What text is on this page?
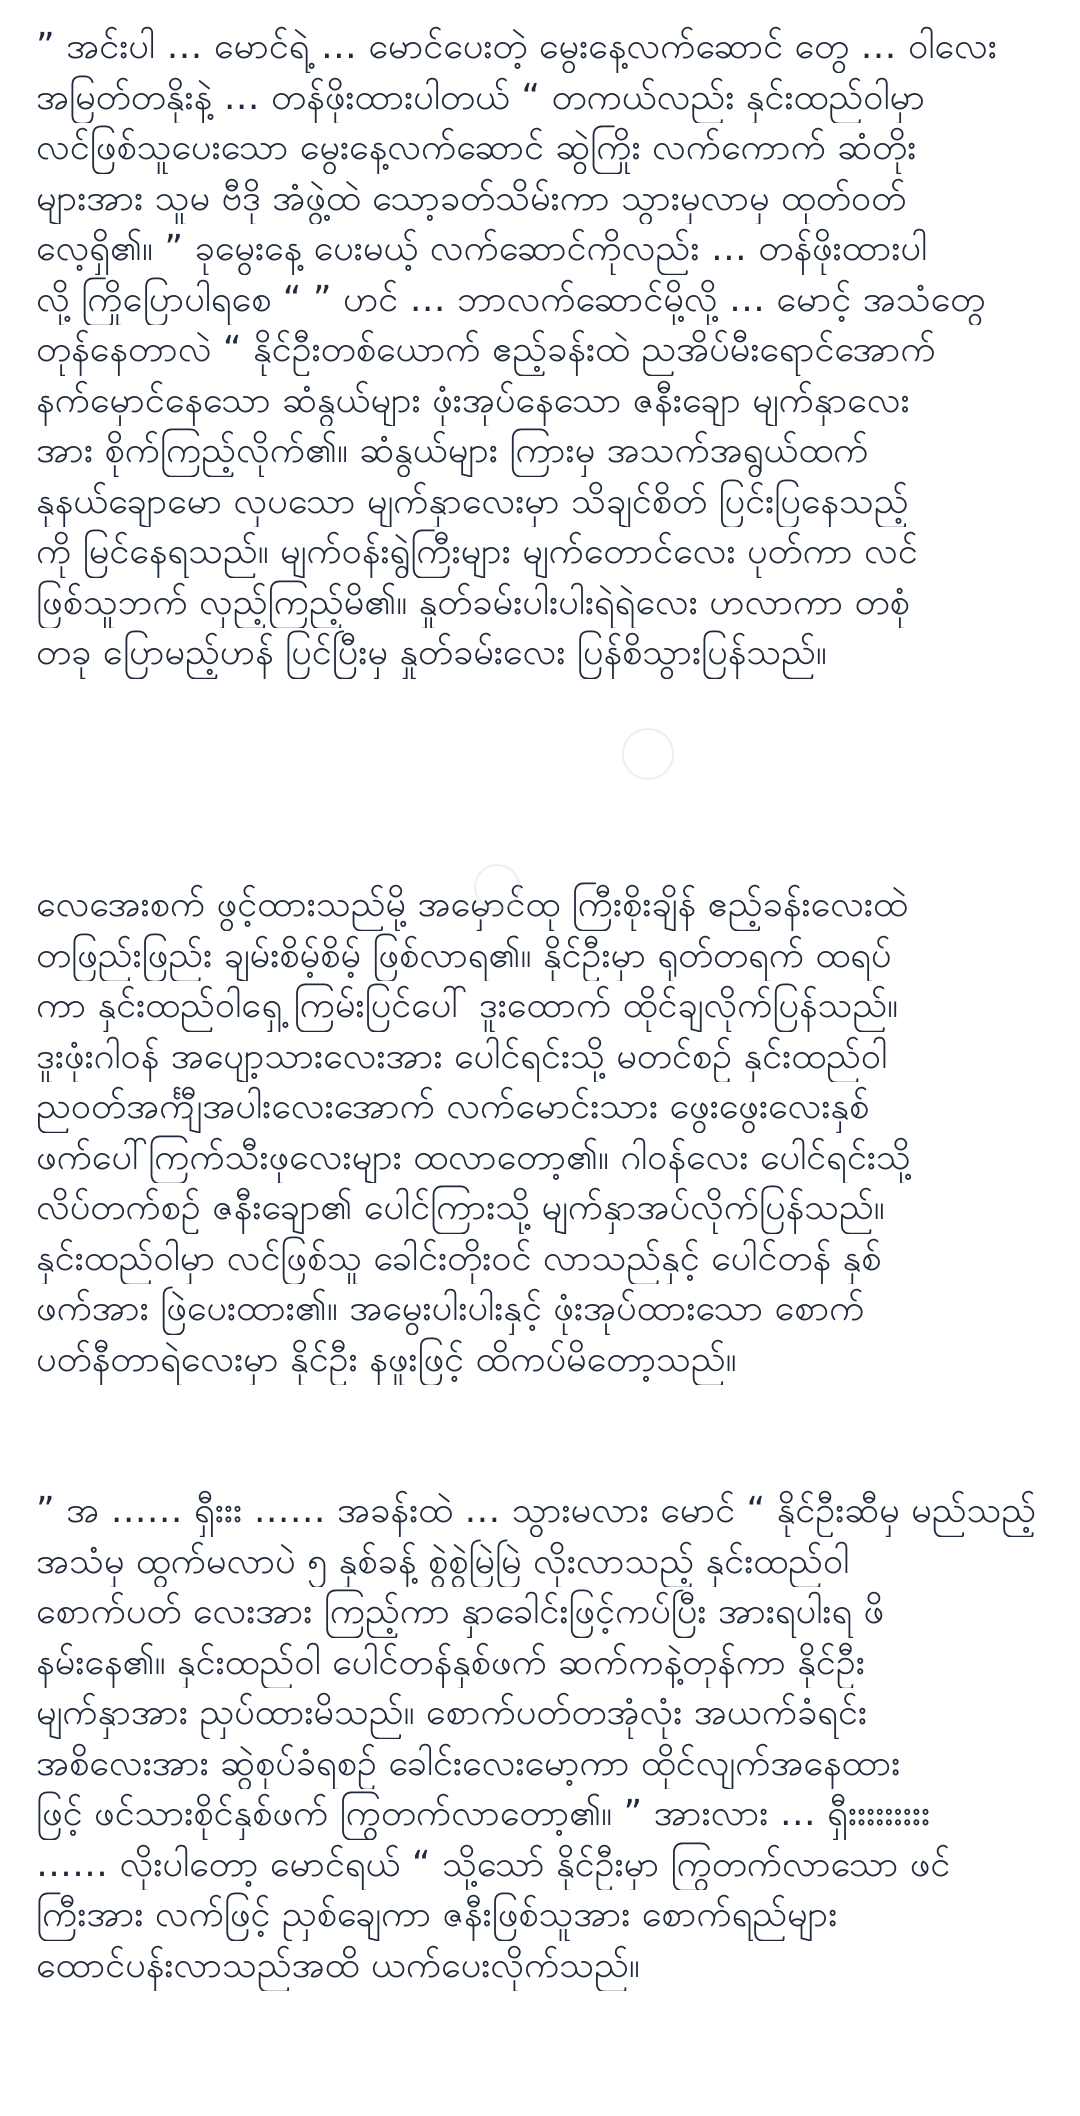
” အင်းပါ … မောင်ရဲ့ … မောင်ပေးတဲ့ မွေးနေ့လက်ဆောင် တွေ … ဝါလေး
အမြတ်တနိုးနဲ့ … တန်ဖိုးထားပါတယ် “ တကယ်လည်း နှင်းထည်ဝါမှာ
လင်ဖြစ်သူပေးသော မွေးနေ့လက်ဆောင် ဆွဲကြိုး လက်ကောက် ဆံတိုး
များအား သူမ ဗီဒို အံဖွဲ့ထဲ သော့ခတ်သိမ်းကာ သွားမှလာမှ ထုတ်ဝတ်
လေ့ရှိ၏။ ” ခုမွေးနေ့ ပေးမယ့် လက်ဆောင်ကိုလည်း … တန်ဖိုးထားပါ
လို့ ကြိုပြောပါရစေ “ ” ဟင် … ဘာလက်ဆောင်မို့လို့ … မောင့် အသံတွေ
တုန်နေတာလဲ “ နိုင်ဦးတစ်ယောက် ဧည့်ခန်းထဲ ညအိပ်မီးရောင်အောက်
နက်မှောင်နေသော ဆံနွယ်များ ဖုံးအုပ်နေသော ဇနီးချော မျက်နှာလေး
အား စိုက်ကြည့်လိုက်၏။ ဆံနွယ်များ ကြားမှ အသက်အရွယ်ထက်
နုနယ်ချောမော လှပသော မျက်နှာလေးမှာ သိချင်စိတ် ပြင်းပြနေသည့်
ကို မြင်နေရသည်။ မျက်ဝန်းရွဲကြီးများ မျက်တောင်လေး ပုတ်ကာ လင်
ဖြစ်သူဘက် လှည့်ကြည့်မိ၏။ နှုတ်ခမ်းပါးပါးရဲရဲလေး ဟလာကာ တစုံ
တခု ပြောမည့်ဟန် ပြင်ပြီးမှ နှုတ်ခမ်းလေး ပြန်စိသွားပြန်သည်။
လေအေးစက် ဖွင့်ထားသည်မို့ အမှောင်ထု ကြီးစိုးချိန် ဧည့်ခန်းလေးထဲ
တဖြည်းဖြည်း ချမ်းစိမ့်စိမ့် ဖြစ်လာရ၏။ နိုင်ဦးမှာ ရုတ်တရက် ထရပ်
ကာ နှင်းထည်ဝါရှေ့ ကြမ်းပြင်ပေါ် ဒူးထောက် ထိုင်ချလိုက်ပြန်သည်။
ဒူးဖုံးဂါဝန် အပျော့သားလေးအား ပေါင်ရင်းသို့ မတင်စဉ် နှင်းထည်ဝါ
ညဝတ်အင်္ကျီအပါးလေးအောက် လက်မောင်းသား ဖွေးဖွေးလေးနှစ်
ဖက်ပေါ်ကြက်သီးဖုလေးများ ထလာတော့၏။ ဂါဝန်လေး ပေါင်ရင်းသို့
လိပ်တက်စဉ် ဇနီးချော၏ ပေါင်ကြားသို့ မျက်နှာအပ်လိုက်ပြန်သည်။
နှင်းထည်ဝါမှာ လင်ဖြစ်သူ ခေါင်းတိုးဝင် လာသည်နှင့် ပေါင်တန် နှစ်
ဖက်အား ဖြဲပေးထား၏။ အမွေးပါးပါးနှင့် ဖုံးအုပ်ထားသော စောက်
ပတ်နီတာရဲလေးမှာ နိုင်ဦး နဖူးဖြင့် ထိကပ်မိတော့သည်။
” အ …… ရှီးးး …… အခန်းထဲ … သွားမလား မောင် “ နိုင်ဦးဆီမှ မည်သည့်
အသံမှ ထွက်မလာပဲ ၅ နှစ်ခန့် စွဲစွဲမြဲမြဲ လိုးလာသည့် နှင်းထည်ဝါ
စောက်ပတ် လေးအား ကြည့်ကာ နှာခေါင်းဖြင့်ကပ်ပြီး အားရပါးရ ဖိ
နမ်းနေ၏။ နှင်းထည်ဝါ ပေါင်တန်နှစ်ဖက် ဆက်ကနဲ့တုန်ကာ နိုင်ဦး
မျက်နှာအား ညှပ်ထားမိသည်။ စောက်ပတ်တအုံလုံး အယက်ခံရင်း
အစိလေးအား ဆွဲစုပ်ခံရစဉ် ခေါင်းလေးမော့ကာ ထိုင်လျက်အနေထား
ဖြင့် ဖင်သားစိုင်နှစ်ဖက် ကြွတက်လာတော့၏။ ” အားလား … ရှီးးးးးးးးး
…… လိုးပါတော့ မောင်ရယ် “ သို့သော် နိုင်ဦးမှာ ကြွတက်လာသော ဖင်
ကြီးအား လက်ဖြင့် ညှစ်ချေကာ ဇနီးဖြစ်သူအား စောက်ရည်များ
ထောင်ပန်းလာသည်အထိ ယက်ပေးလိုက်သည်။
